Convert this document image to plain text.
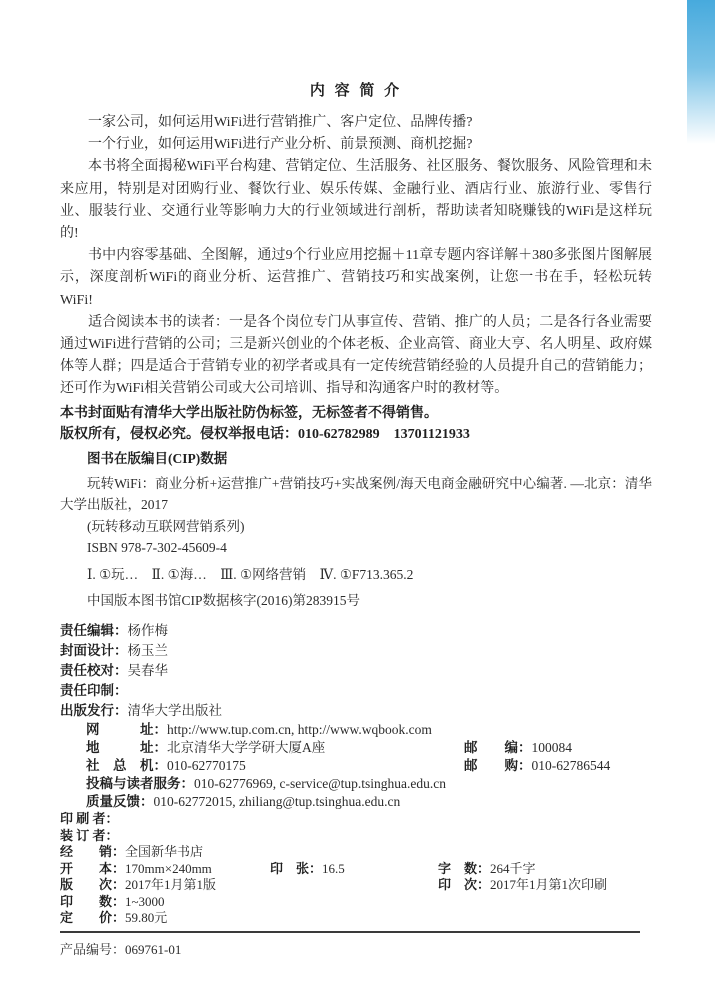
内 容 简 介

一家公司，如何运用WiFi进行营销推广、客户定位、品牌传播?

一个行业，如何运用WiFi进行产业分析、前景预测、商机挖掘?

本书将全面揭秘WiFi平台构建、营销定位、生活服务、社区服务、餐饮服务、风险管理和未来应用，特别是对团购行业、餐饮行业、娱乐传媒、金融行业、酒店行业、旅游行业、零售行业、服装行业、交通行业等影响力大的行业领域进行剖析，帮助读者知晓赚钱的WiFi是这样玩的!

书中内容零基础、全图解，通过9个行业应用挖掘＋11章专题内容详解＋380多张图片图解展示，深度剖析WiFi的商业分析、运营推广、营销技巧和实战案例，让您一书在手，轻松玩转WiFi!

适合阅读本书的读者：一是各个岗位专门从事宣传、营销、推广的人员；二是各行各业需要通过WiFi进行营销的公司；三是新兴创业的个体老板、企业高管、商业大亨、名人明星、政府媒体等人群；四是适合于营销专业的初学者或具有一定传统营销经验的人员提升自己的营销能力；还可作为WiFi相关营销公司或大公司培训、指导和沟通客户时的教材等。

本书封面贴有清华大学出版社防伪标签，无标签者不得销售。

版权所有，侵权必究。侵权举报电话：010-62782989　13701121933

图书在版编目(CIP)数据

玩转WiFi：商业分析+运营推广+营销技巧+实战案例/海天电商金融研究中心编著. —北京：清华大学出版社，2017

(玩转移动互联网营销系列)

ISBN 978-7-302-45609-4

Ⅰ. ①玩…　Ⅱ. ①海…　Ⅲ. ①网络营销　Ⅳ. ①F713.365.2

中国版本图书馆CIP数据核字(2016)第283915号

责任编辑：杨作梅
封面设计：杨玉兰
责任校对：吴春华
责任印制：
出版发行：清华大学出版社
网　　　址：http://www.tup.com.cn, http://www.wqbook.com
地　　　址：北京清华大学学研大厦A座	邮　　编：100084
社　总　机：010-62770175	邮　　购：010-62786544
投稿与读者服务：010-62776969, c-service@tup.tsinghua.edu.cn
质量反馈：010-62772015, zhiliang@tup.tsinghua.edu.cn
印 刷 者：
装 订 者：
经　　销：全国新华书店
开　　本：170mm×240mm	印　张：16.5	字　数：264千字
版　　次：2017年1月第1版	印　次：2017年1月第1次印刷
印　　数：1~3000
定　　价：59.80元

产品编号：069761-01
